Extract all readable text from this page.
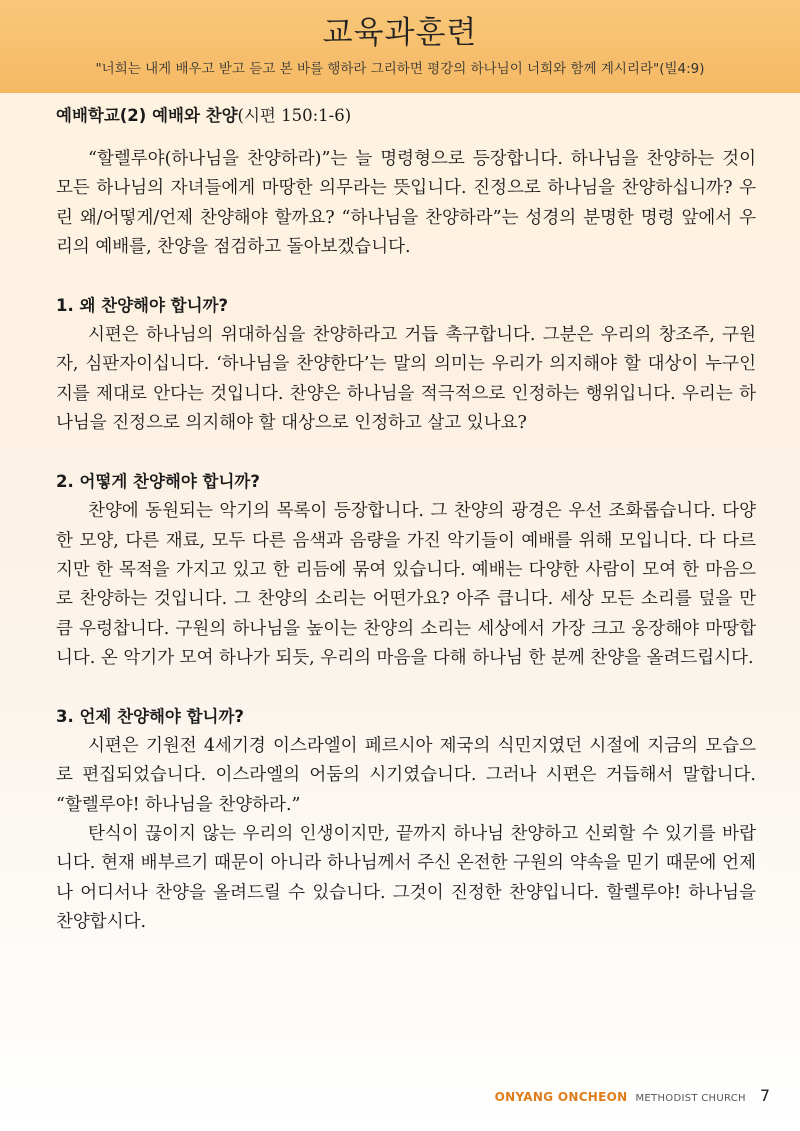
교육과훈련
"너희는 내게 배우고 받고 듣고 본 바를 행하라 그리하면 평강의 하나님이 너희와 함께 계시리라"(빌4:9)
예배학교(2) 예배와 찬양(시편 150:1-6)

“할렐루야(하나님을 찬양하라)”는 늘 명령형으로 등장합니다. 하나님을 찬양하는 것이 모든 하나님의 자녀들에게 마땅한 의무라는 뜻입니다. 진정으로 하나님을 찬양하십니까? 우린 왜/어떻게/언제 찬양해야 할까요? “하나님을 찬양하라”는 성경의 분명한 명령 앞에서 우리의 예배를, 찬양을 점검하고 돌아보겠습니다.

1. 왜 찬양해야 합니까?

시편은 하나님의 위대하심을 찬양하라고 거듭 촉구합니다. 그분은 우리의 창조주, 구원자, 심판자이십니다. ‘하나님을 찬양한다’는 말의 의미는 우리가 의지해야 할 대상이 누구인지를 제대로 안다는 것입니다. 찬양은 하나님을 적극적으로 인정하는 행위입니다. 우리는 하나님을 진정으로 의지해야 할 대상으로 인정하고 살고 있나요?

2. 어떻게 찬양해야 합니까?

찬양에 동원되는 악기의 목록이 등장합니다. 그 찬양의 광경은 우선 조화롭습니다. 다양한 모양, 다른 재료, 모두 다른 음색과 음량을 가진 악기들이 예배를 위해 모입니다. 다 다르지만 한 목적을 가지고 있고 한 리듬에 묶여 있습니다. 예배는 다양한 사람이 모여 한 마음으로 찬양하는 것입니다. 그 찬양의 소리는 어떤가요? 아주 큽니다. 세상 모든 소리를 덮을 만큼 우렁찹니다. 구원의 하나님을 높이는 찬양의 소리는 세상에서 가장 크고 웅장해야 마땅합니다. 온 악기가 모여 하나가 되듯, 우리의 마음을 다해 하나님 한 분께 찬양을 올려드립시다.

3. 언제 찬양해야 합니까?

시편은 기원전 4세기경 이스라엘이 페르시아 제국의 식민지였던 시절에 지금의 모습으로 편집되었습니다. 이스라엘의 어둠의 시기였습니다. 그러나 시편은 거듭해서 말합니다. “할렐루야! 하나님을 찬양하라.”

탄식이 끊이지 않는 우리의 인생이지만, 끝까지 하나님 찬양하고 신뢰할 수 있기를 바랍니다. 현재 배부르기 때문이 아니라 하나님께서 주신 온전한 구원의 약속을 믿기 때문에 언제나 어디서나 찬양을 올려드릴 수 있습니다. 그것이 진정한 찬양입니다. 할렐루야! 하나님을 찬양합시다.

ONYANG ONCHEON METHODIST CHURCH 7
